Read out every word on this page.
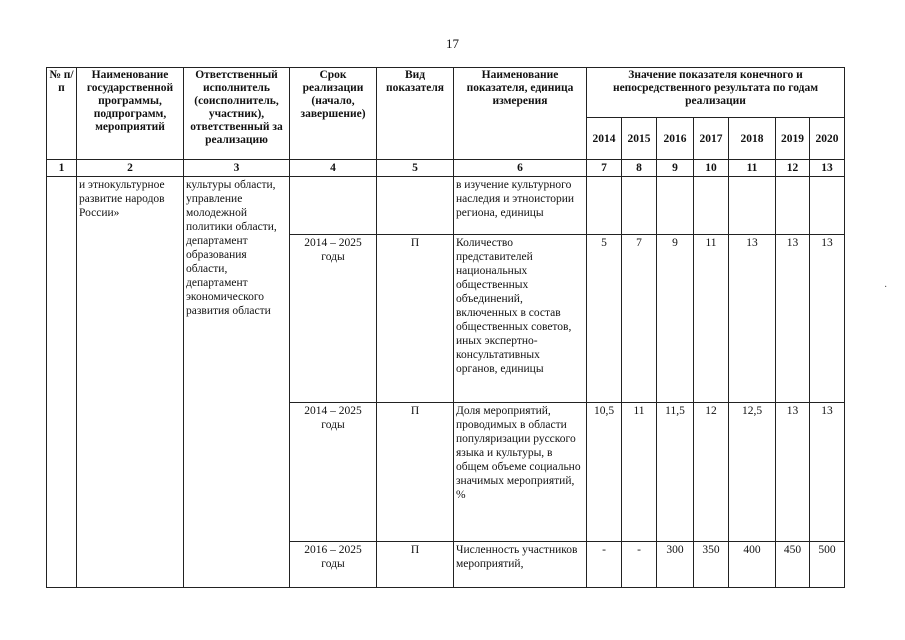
17
№ п/п	Наименование государственной программы, подпрограмм, мероприятий	Ответственный исполнитель (соисполнитель, участник), ответственный за реализацию	Срок реализации (начало, завершение)	Вид показателя	Наименование показателя, единица измерения	Значение показателя конечного и непосредственного результата по годам реализации						
						2014	2015	2016	2017	2018	2019	2020
1	2	3	4	5	6	7	8	9	10	11	12	13
	и этнокультурное развитие народов России»	культуры области, управление молодежной политики области, департамент образования области, департамент экономического развития области			в изучение культурного наследия и этноистории региона, единицы							
			2014 – 2025 годы	П	Количество представителей национальных общественных объединений, включенных в состав общественных советов, иных экспертно-консультативных органов, единицы	5	7	9	11	13	13	13
			2014 – 2025 годы	П	Доля мероприятий, проводимых в области популяризации русского языка и культуры, в общем объеме социально значимых мероприятий, %	10,5	11	11,5	12	12,5	13	13
			2016 – 2025 годы	П	Численность участников мероприятий,	-	-	300	350	400	450	500
·
